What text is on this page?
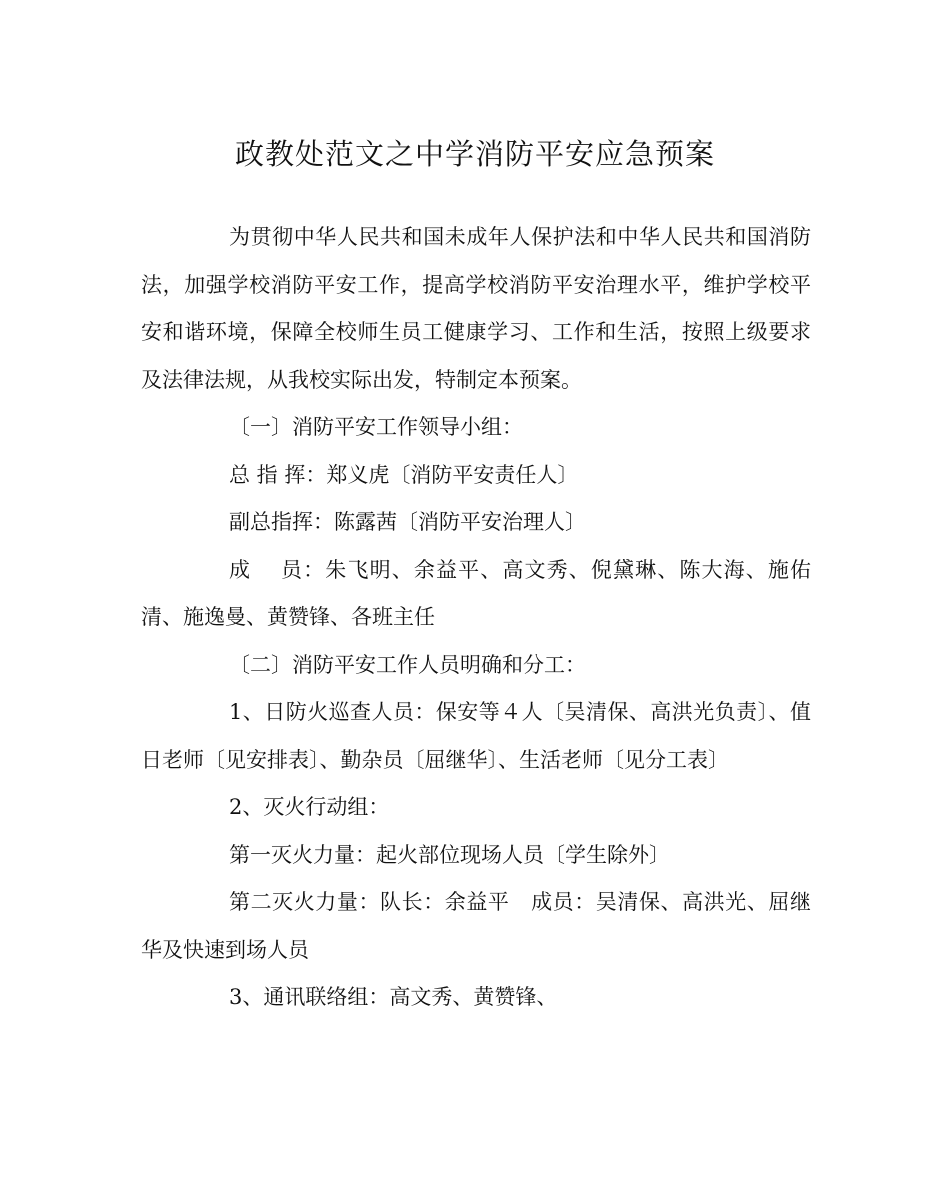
政教处范文之中学消防平安应急预案

为贯彻中华人民共和国未成年人保护法和中华人民共和国消防法，加强学校消防平安工作，提高学校消防平安治理水平，维护学校平安和谐环境，保障全校师生员工健康学习、工作和生活，按照上级要求及法律法规，从我校实际出发，特制定本预案。

〔一〕消防平安工作领导小组：

总 指 挥：郑义虎〔消防平安责任人〕

副总指挥：陈露茜〔消防平安治理人〕

成　 员：朱飞明、余益平、高文秀、倪黛琳、陈大海、施佑清、施逸曼、黄赞锋、各班主任

〔二〕消防平安工作人员明确和分工：

1、日防火巡查人员：保安等４人〔吴清保、高洪光负责〕、值日老师〔见安排表〕、勤杂员〔屈继华〕、生活老师〔见分工表〕

2、灭火行动组：

第一灭火力量：起火部位现场人员〔学生除外〕

第二灭火力量：队长：余益平　成员：吴清保、高洪光、屈继华及快速到场人员

3、通讯联络组：高文秀、黄赞锋、
